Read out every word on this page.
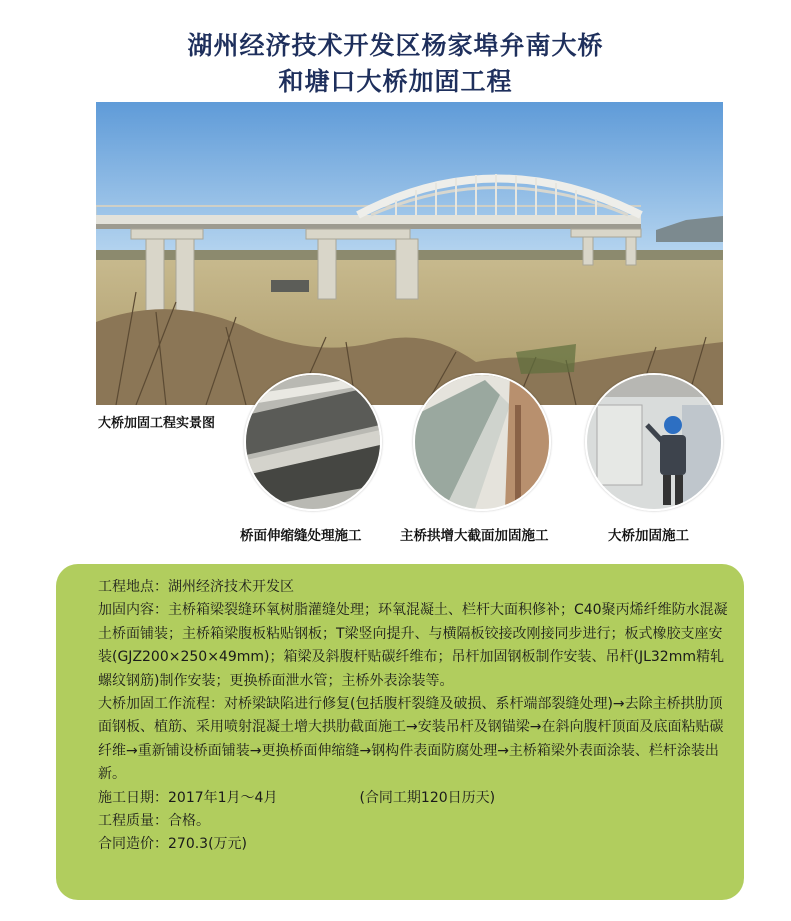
湖州经济技术开发区杨家埠弁南大桥
和塘口大桥加固工程
大桥加固工程实景图
桥面伸缩缝处理施工	主桥拱增大截面加固施工	大桥加固施工

工程地点：湖州经济技术开发区

加固内容：主桥箱梁裂缝环氧树脂灌缝处理；环氧混凝土、栏杆大面积修补；C40聚丙烯纤维防水混凝土桥面铺装；主桥箱梁腹板粘贴钢板；T梁竖向提升、与横隔板铰接改刚接同步进行；板式橡胶支座安装(GJZ200×250×49mm)；箱梁及斜腹杆贴碳纤维布；吊杆加固钢板制作安装、吊杆(JL32mm精轧螺纹钢筋)制作安装；更换桥面泄水管；主桥外表涂装等。

大桥加固工作流程：对桥梁缺陷进行修复(包括腹杆裂缝及破损、系杆端部裂缝处理)→去除主桥拱肋顶面钢板、植筋、采用喷射混凝土增大拱肋截面施工→安装吊杆及钢锚梁→在斜向腹杆顶面及底面粘贴碳纤维→重新铺设桥面铺装→更换桥面伸缩缝→钢构件表面防腐处理→主桥箱梁外表面涂装、栏杆涂装出新。

施工日期：2017年1月～4月	(合同工期120日历天)

工程质量：合格。

合同造价：270.3(万元)
